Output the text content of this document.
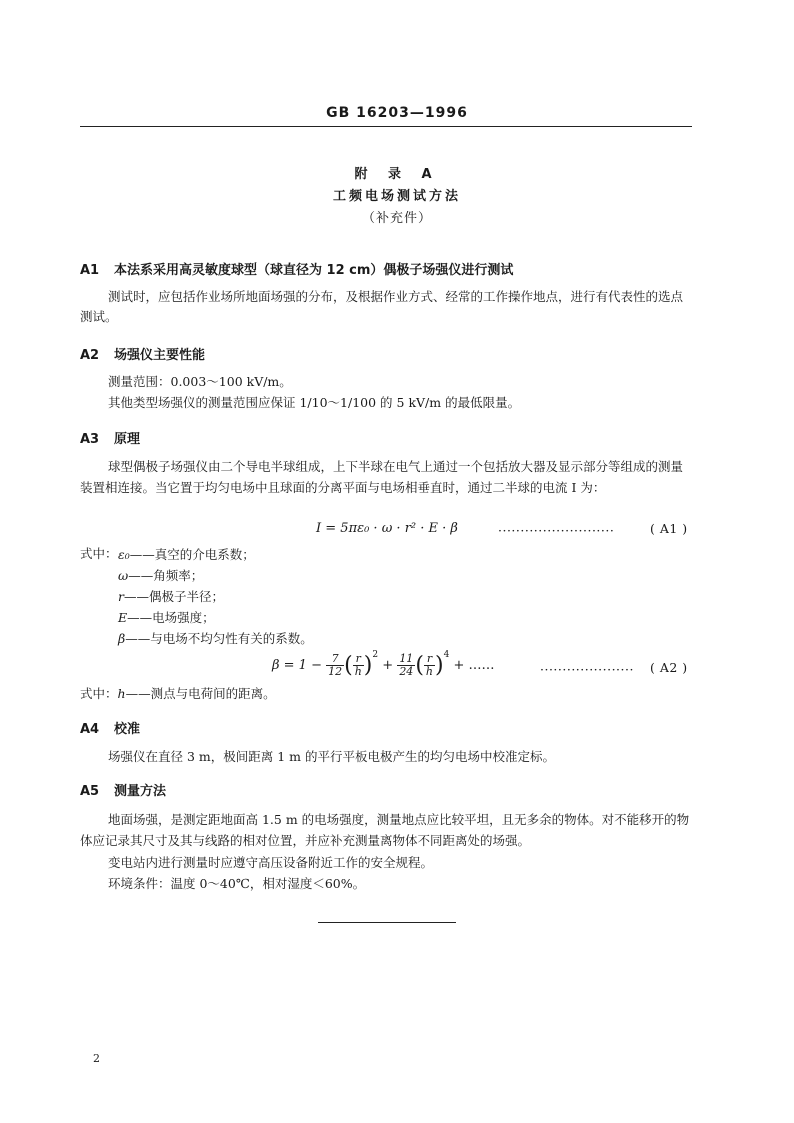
GB 16203—1996
附 录 A
工频电场测试方法
（补充件）
A1 本法系采用高灵敏度球型（球直径为 12 cm）偶极子场强仪进行测试
测试时，应包括作业场所地面场强的分布，及根据作业方式、经常的工作操作地点，进行有代表性的选点测试。
A2 场强仪主要性能
测量范围：0.003～100 kV/m。
其他类型场强仪的测量范围应保证 1/10～1/100 的 5 kV/m 的最低限量。
A3 原理
球型偶极子场强仪由二个导电半球组成，上下半球在电气上通过一个包括放大器及显示部分等组成的测量装置相连接。当它置于均匀电场中且球面的分离平面与电场相垂直时，通过二半球的电流 I 为：
I = 5πε₀ · ω · r² · E · β	··························	( A1 )
式中： ε₀——真空的介电系数；
ω——角频率；
r——偶极子半径；
E——电场强度；
β——与电场不均匀性有关的系数。
$\beta = 1 - \frac{7}{12}$ ( $\frac{r}{h} )^2 + \frac{11}{24}$ ( $\frac{r}{h} )^4$ + ……	····················· ( A2 )
式中：h——测点与电荷间的距离。
A4 校准
场强仪在直径 3 m，极间距离 1 m 的平行平板电极产生的均匀电场中校准定标。
A5 测量方法
地面场强，是测定距地面高 1.5 m 的电场强度，测量地点应比较平坦，且无多余的物体。对不能移开的物体应记录其尺寸及其与线路的相对位置，并应补充测量离物体不同距离处的场强。
变电站内进行测量时应遵守高压设备附近工作的安全规程。
环境条件：温度 0～40℃，相对湿度＜60%。
2
